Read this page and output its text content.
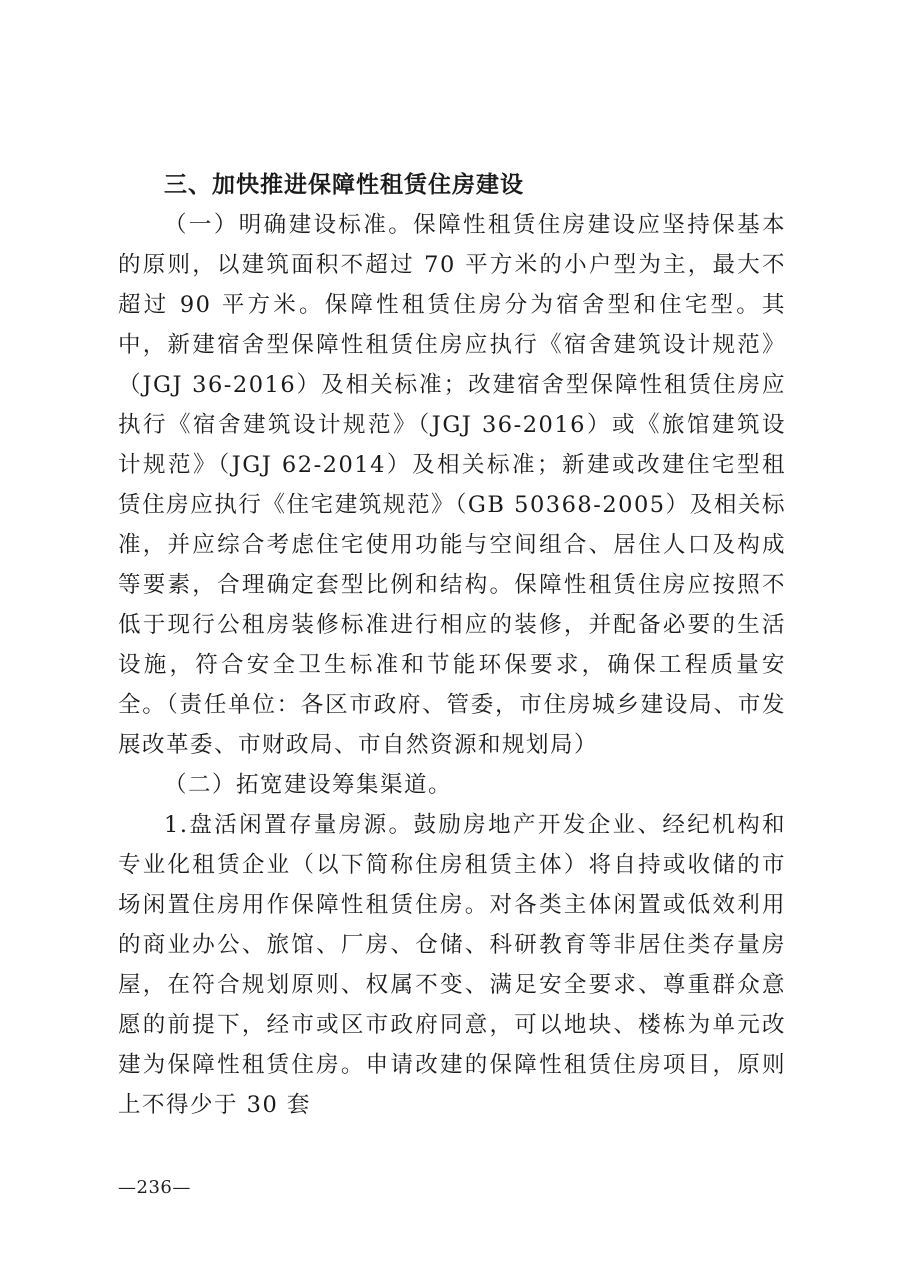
三、加快推进保障性租赁住房建设

（一）明确建设标准。保障性租赁住房建设应坚持保基本的原则，以建筑面积不超过 70 平方米的小户型为主，最大不超过 90 平方米。保障性租赁住房分为宿舍型和住宅型。其中，新建宿舍型保障性租赁住房应执行《宿舍建筑设计规范》（JGJ 36-2016）及相关标准；改建宿舍型保障性租赁住房应执行《宿舍建筑设计规范》（JGJ 36-2016）或《旅馆建筑设计规范》（JGJ 62-2014）及相关标准；新建或改建住宅型租赁住房应执行《住宅建筑规范》（GB 50368-2005）及相关标准，并应综合考虑住宅使用功能与空间组合、居住人口及构成等要素，合理确定套型比例和结构。保障性租赁住房应按照不低于现行公租房装修标准进行相应的装修，并配备必要的生活设施，符合安全卫生标准和节能环保要求，确保工程质量安全。（责任单位：各区市政府、管委，市住房城乡建设局、市发展改革委、市财政局、市自然资源和规划局）

（二）拓宽建设筹集渠道。

1.盘活闲置存量房源。鼓励房地产开发企业、经纪机构和专业化租赁企业（以下简称住房租赁主体）将自持或收储的市场闲置住房用作保障性租赁住房。对各类主体闲置或低效利用的商业办公、旅馆、厂房、仓储、科研教育等非居住类存量房屋，在符合规划原则、权属不变、满足安全要求、尊重群众意愿的前提下，经市或区市政府同意，可以地块、楼栋为单元改建为保障性租赁住房。申请改建的保障性租赁住房项目，原则上不得少于 30 套

—236—
